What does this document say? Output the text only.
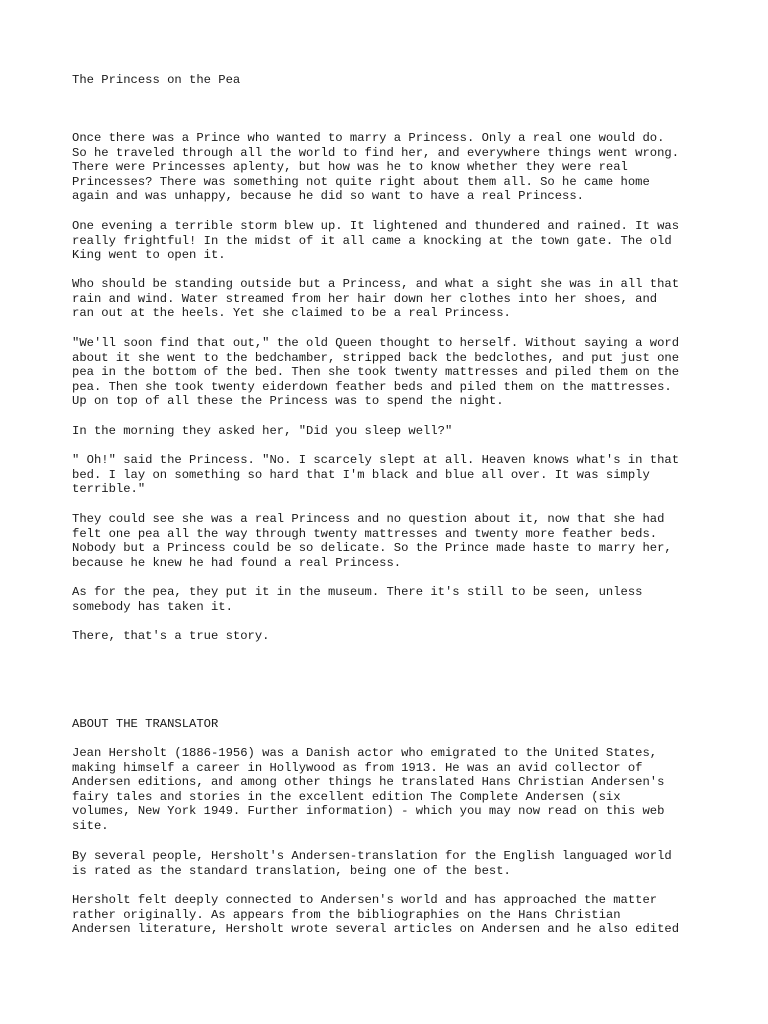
The Princess on the Pea
Once there was a Prince who wanted to marry a Princess. Only a real one would do.
So he traveled through all the world to find her, and everywhere things went wrong.
There were Princesses aplenty, but how was he to know whether they were real
Princesses? There was something not quite right about them all. So he came home
again and was unhappy, because he did so want to have a real Princess.
One evening a terrible storm blew up. It lightened and thundered and rained. It was
really frightful! In the midst of it all came a knocking at the town gate. The old
King went to open it.
Who should be standing outside but a Princess, and what a sight she was in all that
rain and wind. Water streamed from her hair down her clothes into her shoes, and
ran out at the heels. Yet she claimed to be a real Princess.
"We'll soon find that out," the old Queen thought to herself. Without saying a word
about it she went to the bedchamber, stripped back the bedclothes, and put just one
pea in the bottom of the bed. Then she took twenty mattresses and piled them on the
pea. Then she took twenty eiderdown feather beds and piled them on the mattresses.
Up on top of all these the Princess was to spend the night.
In the morning they asked her, "Did you sleep well?"
" Oh!" said the Princess. "No. I scarcely slept at all. Heaven knows what's in that
bed. I lay on something so hard that I'm black and blue all over. It was simply
terrible."
They could see she was a real Princess and no question about it, now that she had
felt one pea all the way through twenty mattresses and twenty more feather beds.
Nobody but a Princess could be so delicate. So the Prince made haste to marry her,
because he knew he had found a real Princess.
As for the pea, they put it in the museum. There it's still to be seen, unless
somebody has taken it.
There, that's a true story.
ABOUT THE TRANSLATOR
Jean Hersholt (1886-1956) was a Danish actor who emigrated to the United States,
making himself a career in Hollywood as from 1913. He was an avid collector of
Andersen editions, and among other things he translated Hans Christian Andersen's
fairy tales and stories in the excellent edition The Complete Andersen (six
volumes, New York 1949. Further information) - which you may now read on this web
site.
By several people, Hersholt's Andersen-translation for the English languaged world
is rated as the standard translation, being one of the best.
Hersholt felt deeply connected to Andersen's world and has approached the matter
rather originally. As appears from the bibliographies on the Hans Christian
Andersen literature, Hersholt wrote several articles on Andersen and he also edited
